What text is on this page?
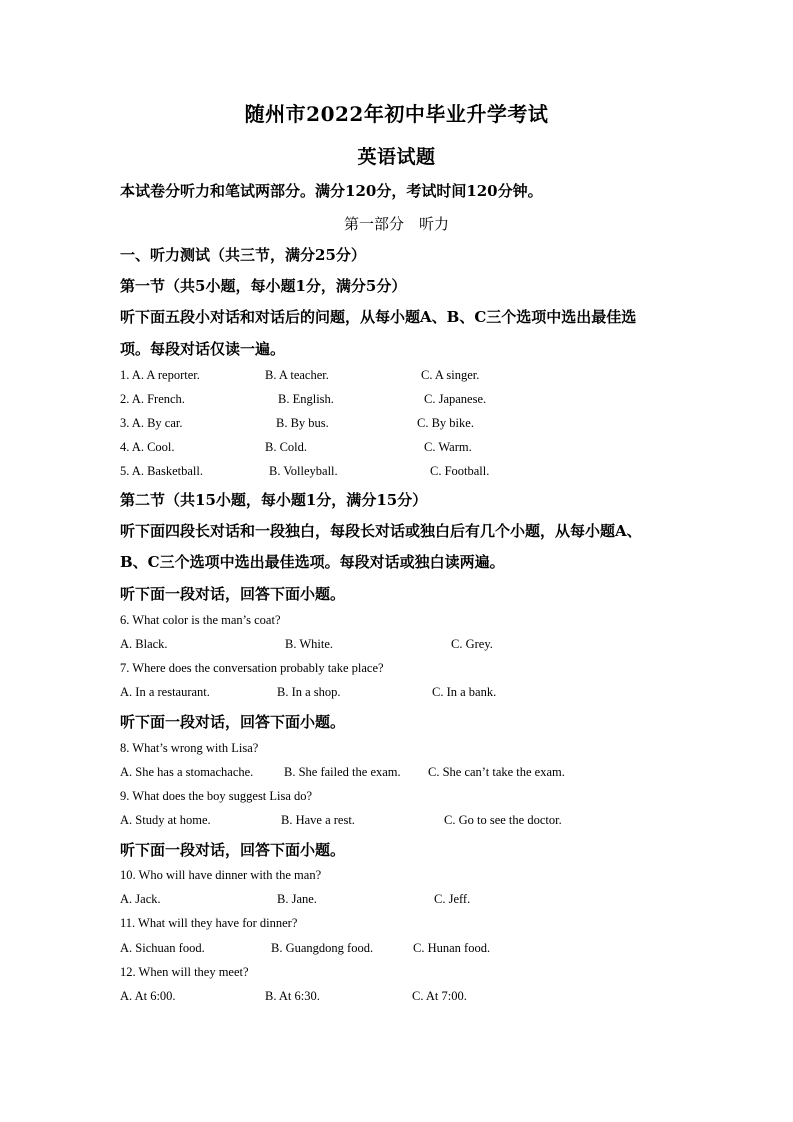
随州市2022年初中毕业升学考试
英语试题
本试卷分听力和笔试两部分。满分120分，考试时间120分钟。
第一部分　听力
一、听力测试（共三节，满分25分）
第一节（共5小题，每小题1分，满分5分）
听下面五段小对话和对话后的问题，从每小题A、B、C三个选项中选出最佳选
项。每段对话仅读一遍。
1. A. A reporter.	B. A teacher.	C. A singer.
2. A. French.	B. English.	C. Japanese.
3. A. By car.	B. By bus.	C. By bike.
4. A. Cool.	B. Cold.	C. Warm.
5. A. Basketball.	B. Volleyball.	C. Football.
第二节（共15小题，每小题1分，满分15分）
听下面四段长对话和一段独白，每段长对话或独白后有几个小题，从每小题A、
B、C三个选项中选出最佳选项。每段对话或独白读两遍。
听下面一段对话，回答下面小题。
6. What color is the man’s coat?
A. Black.	B. White.	C. Grey.
7. Where does the conversation probably take place?
A. In a restaurant.	B. In a shop.	C. In a bank.
听下面一段对话，回答下面小题。
8. What’s wrong with Lisa?
A. She has a stomachache. B. She failed the exam. C. She can’t take the exam.
9. What does the boy suggest Lisa do?
A. Study at home.	B. Have a rest.	C. Go to see the doctor.
听下面一段对话，回答下面小题。
10. Who will have dinner with the man?
A. Jack.	B. Jane.	C. Jeff.
11. What will they have for dinner?
A. Sichuan food.	B. Guangdong food.	C. Hunan food.
12. When will they meet?
A. At 6:00.	B. At 6:30.	C. At 7:00.
